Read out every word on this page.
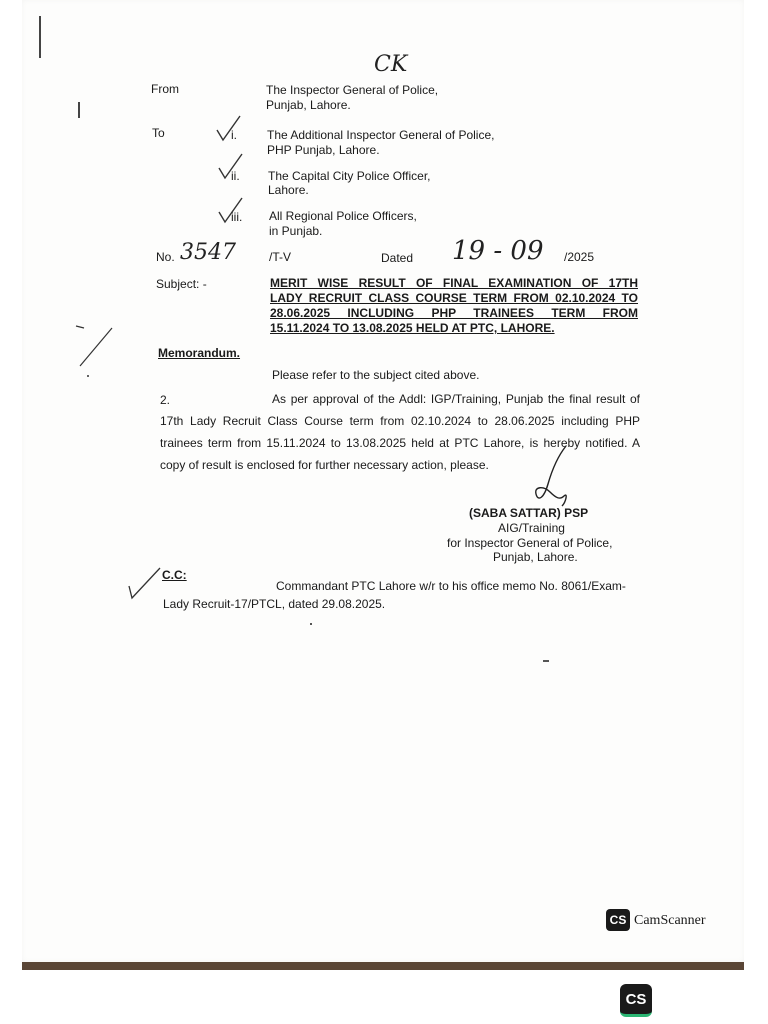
CK
From	The Inspector General of Police,
Punjab, Lahore.
To	i.	The Additional Inspector General of Police,
PHP Punjab, Lahore.
ii. The Capital City Police Officer,
Lahore.
iii. All Regional Police Officers,
in Punjab.
No. 3547	/T-V	Dated 19 - 09 /2025
Subject: -	MERIT WISE RESULT OF FINAL EXAMINATION OF 17TH
LADY RECRUIT CLASS COURSE TERM FROM 02.10.2024 TO
28.06.2025 INCLUDING PHP TRAINEES TERM FROM
15.11.2024 TO 13.08.2025 HELD AT PTC, LAHORE.
Memorandum.
Please refer to the subject cited above.
2.	As per approval of the Addl: IGP/Training, Punjab the final result of
17th Lady Recruit Class Course term from 02.10.2024 to 28.06.2025 including PHP
trainees term from 15.11.2024 to 13.08.2025 held at PTC Lahore, is hereby notified. A
copy of result is enclosed for further necessary action, please.
(SABA SATTAR) PSP
AIG/Training
for Inspector General of Police,
Punjab, Lahore.
C.C:
Commandant PTC Lahore w/r to his office memo No. 8061/Exam-
Lady Recruit-17/PTCL, dated 29.08.2025.
CS CamScanner
CS
